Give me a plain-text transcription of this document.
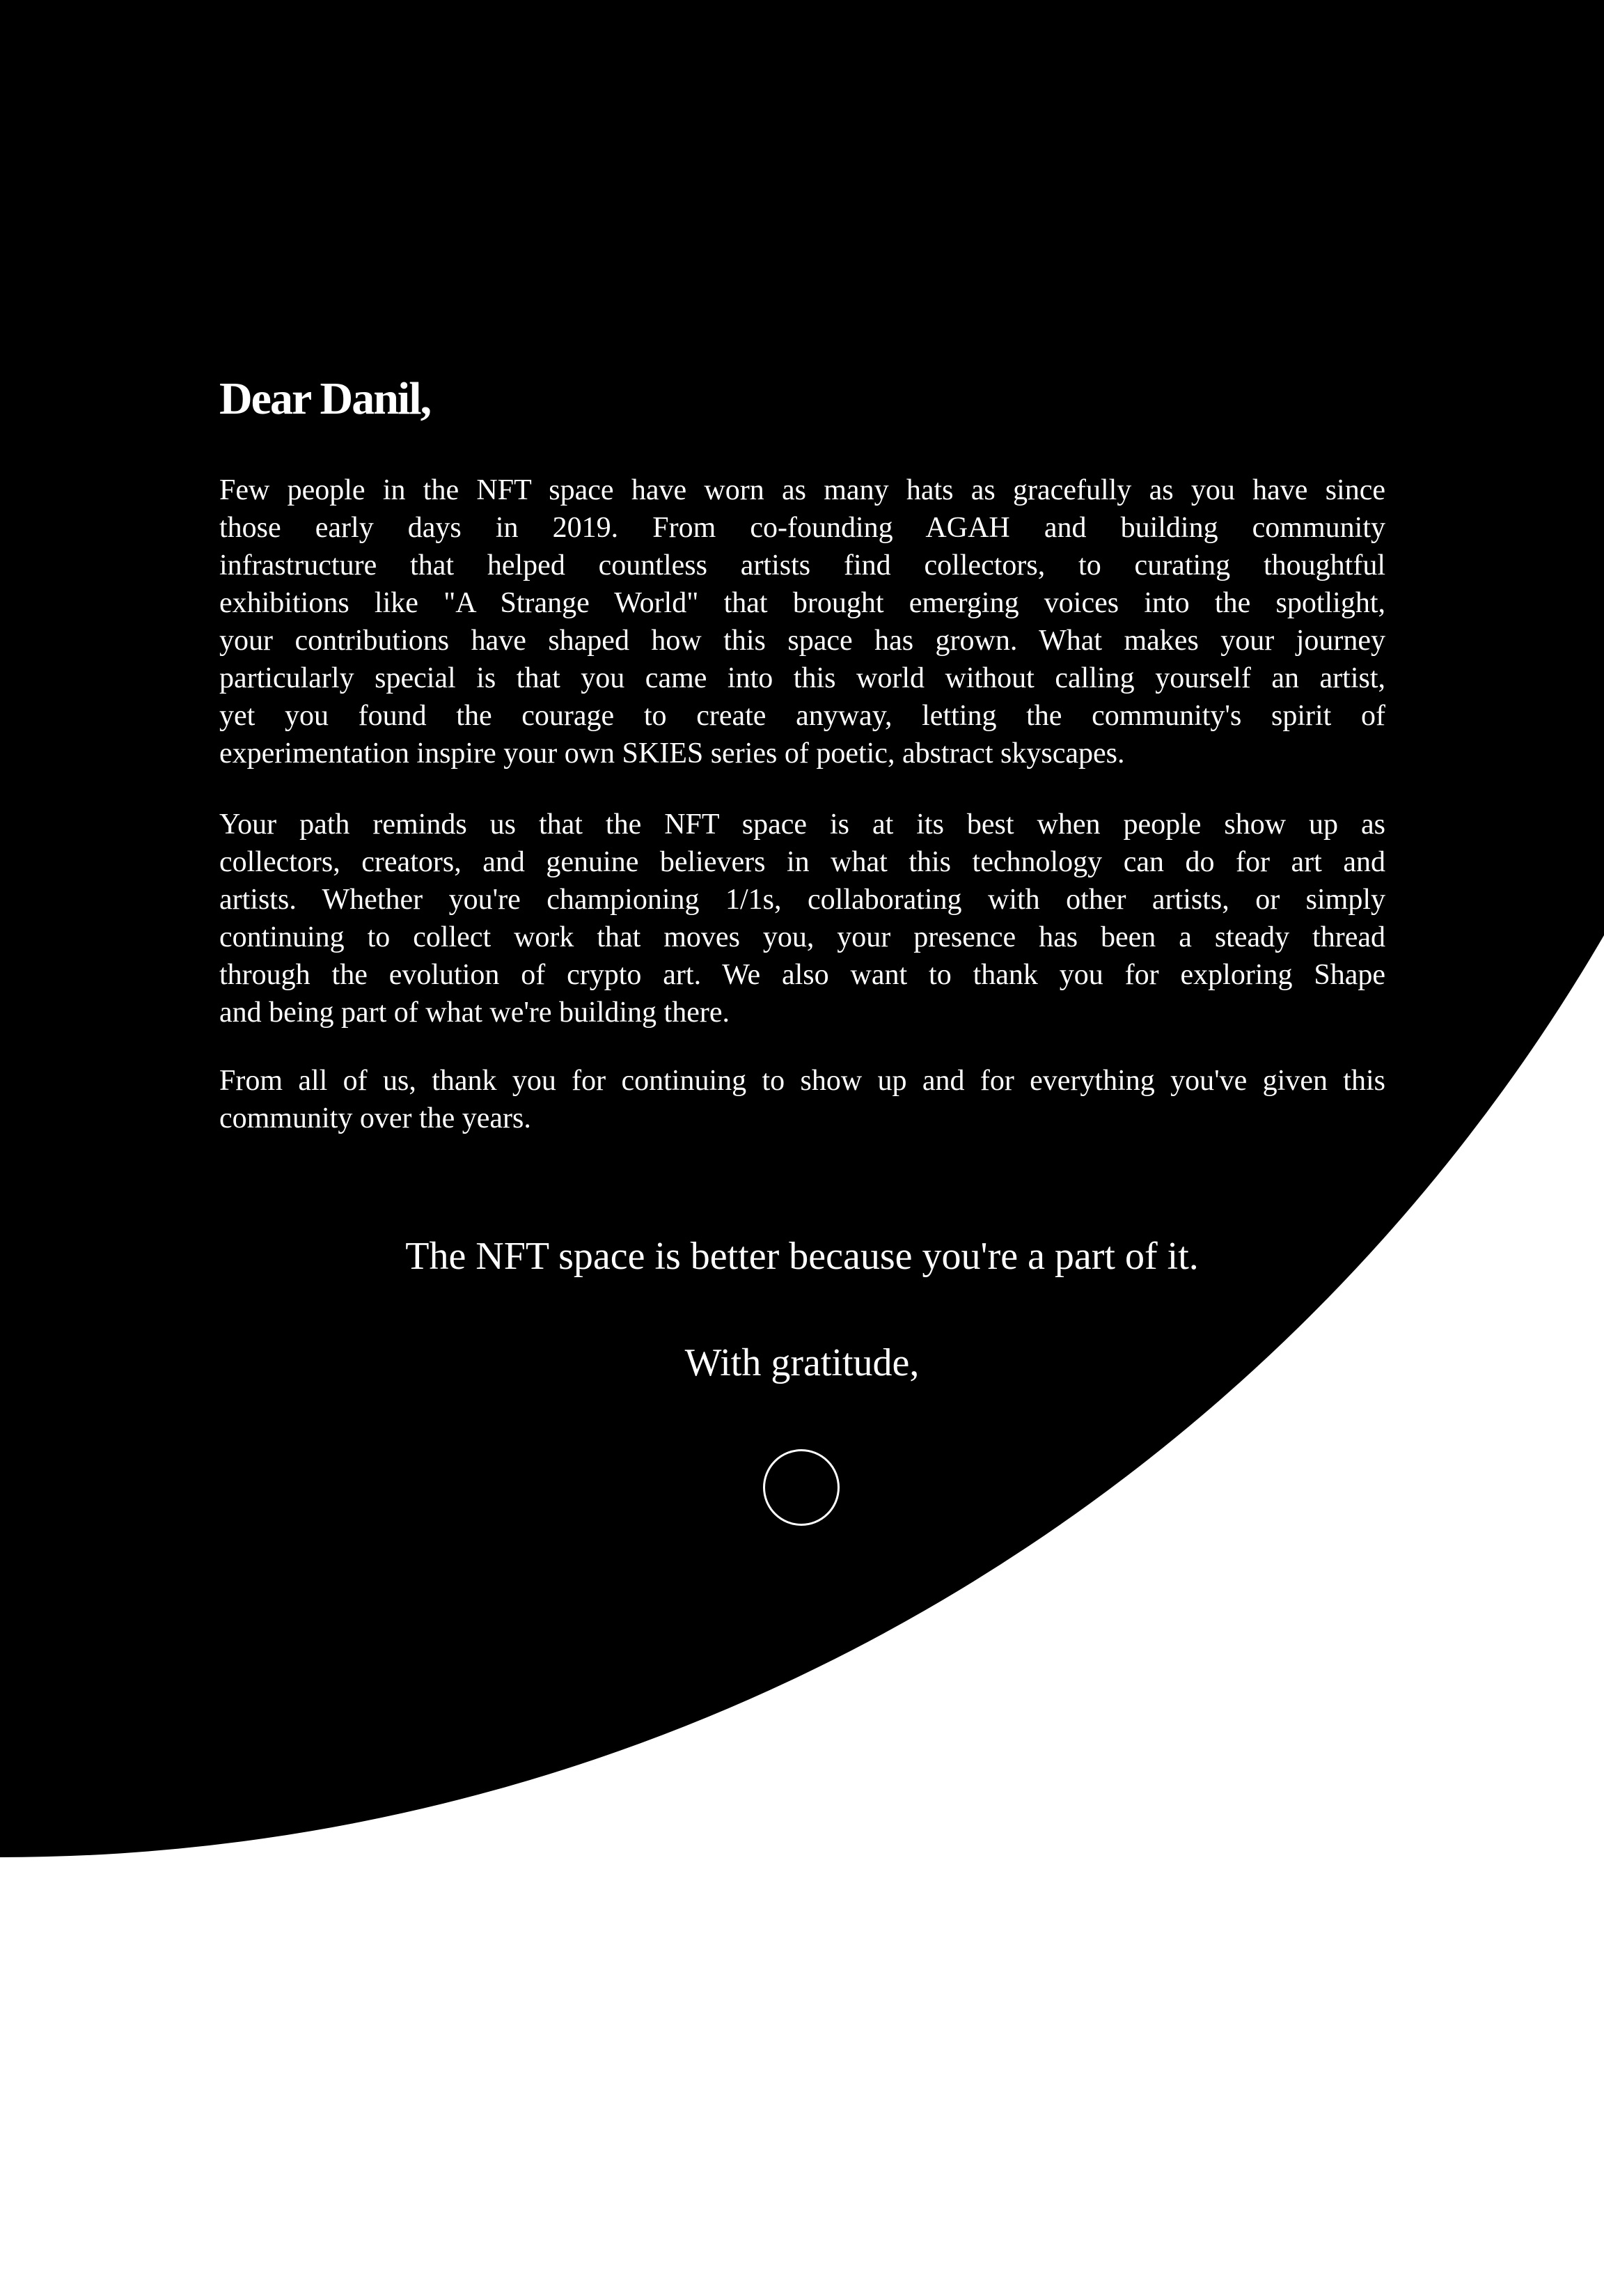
Dear Danil,
Few people in the NFT space have worn as many hats as gracefully as you have since
those early days in 2019. From co-founding AGAH and building community
infrastructure that helped countless artists find collectors, to curating thoughtful
exhibitions like "A Strange World" that brought emerging voices into the spotlight,
your contributions have shaped how this space has grown. What makes your journey
particularly special is that you came into this world without calling yourself an artist,
yet you found the courage to create anyway, letting the community's spirit of
experimentation inspire your own SKIES series of poetic, abstract skyscapes.
Your path reminds us that the NFT space is at its best when people show up as
collectors, creators, and genuine believers in what this technology can do for art and
artists. Whether you're championing 1/1s, collaborating with other artists, or simply
continuing to collect work that moves you, your presence has been a steady thread
through the evolution of crypto art. We also want to thank you for exploring Shape
and being part of what we're building there.
From all of us, thank you for continuing to show up and for everything you've given this
community over the years.
The NFT space is better because you're a part of it.
With gratitude,
